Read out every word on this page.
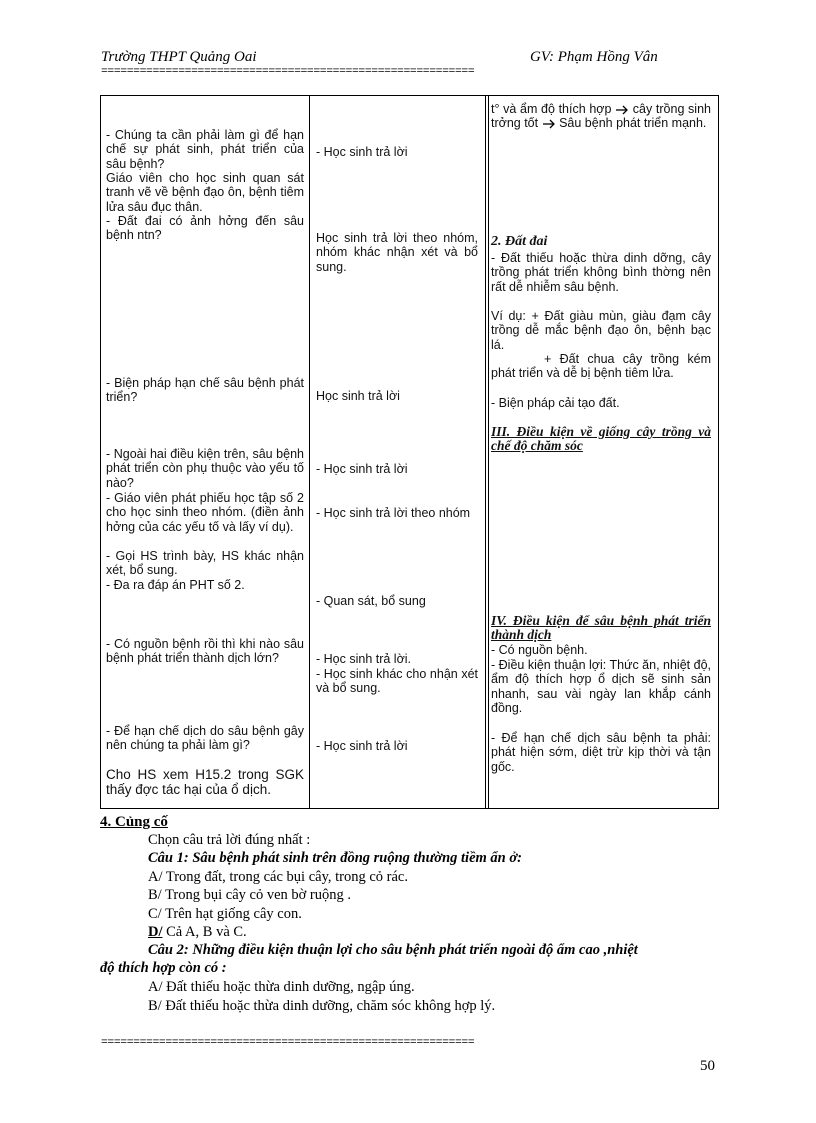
Trường THPT Quảng Oai	GV: Phạm Hồng Vân
==========================================================
- Chúng ta cần phải làm gì để hạn chế sự phát sinh, phát triển của sâu bệnh?
Giáo viên cho học sinh quan sát tranh vẽ về bệnh đạo ôn, bệnh tiêm lửa sâu đục thân.
- Đất đai có ảnh hởng đến sâu bệnh ntn?
- Biện pháp hạn chế sâu bệnh phát triển?
- Ngoài hai điều kiện trên, sâu bệnh phát triển còn phụ thuộc vào yếu tố nào?
- Giáo viên phát phiếu học tập số 2 cho học sinh theo nhóm. (điền ảnh hởng của các yếu tố và lấy ví dụ).
- Gọi HS trình bày, HS khác nhận xét, bổ sung.
- Đa ra đáp án PHT số 2.
- Có nguồn bệnh rồi thì khi nào sâu bệnh phát triển thành dịch lớn?
- Để hạn chế dịch do sâu bệnh gây nên chúng ta phải làm gì?
Cho HS xem H15.2 trong SGK thấy đợc tác hại của ổ dịch.
- Học sinh trả lời
Học sinh trả lời theo nhóm, nhóm khác nhận xét và bổ sung.
Học sinh trả lời
- Học sinh trả lời
- Học sinh trả lời theo nhóm
- Quan sát, bổ sung
- Học sinh trả lời.
- Học sinh khác cho nhận xét và bổ sung.
- Học sinh trả lời
t° và ẩm độ thích hợp cây trồng sinh trởng tốt Sâu bệnh phát triển mạnh.
2. Đất đai
- Đất thiếu hoặc thừa dinh dỡng, cây trồng phát triển không bình thờng nên rất dễ nhiễm sâu bệnh.
Ví dụ: + Đất giàu mùn, giàu đạm cây trồng dễ mắc bệnh đạo ôn, bệnh bạc lá.
+ Đất chua cây trồng kém phát triển và dễ bị bệnh tiêm lửa.
- Biện pháp cải tạo đất.
III. Điều kiện về giống cây trồng và chế độ chăm sóc
IV. Điều kiện để sâu bệnh phát triển thành dịch
- Có nguồn bệnh.
- Điều kiện thuận lợi: Thức ăn, nhiệt độ, ẩm độ thích hợp ổ dịch sẽ sinh sản nhanh, sau vài ngày lan khắp cánh đồng.
- Để hạn chế dịch sâu bệnh ta phải: phát hiện sớm, diệt trừ kịp thời và tận gốc.
4. Củng cố
Chọn câu trả lời đúng nhất :
Câu 1: Sâu bệnh phát sinh trên đồng ruộng thường tiềm ẩn ở:
A/ Trong đất, trong các bụi cây, trong cỏ rác.
B/ Trong bụi cây cỏ ven bờ ruộng .
C/ Trên hạt giống cây con.
D/ Cả A, B và C.
Câu 2: Những điều kiện thuận lợi cho sâu bệnh phát triển ngoài độ ẩm cao ,nhiệt
độ thích hợp còn có :
A/ Đất thiếu hoặc thừa dinh dưỡng, ngập úng.
B/ Đất thiếu hoặc thừa dinh dưỡng, chăm sóc không hợp lý.
==========================================================
50
